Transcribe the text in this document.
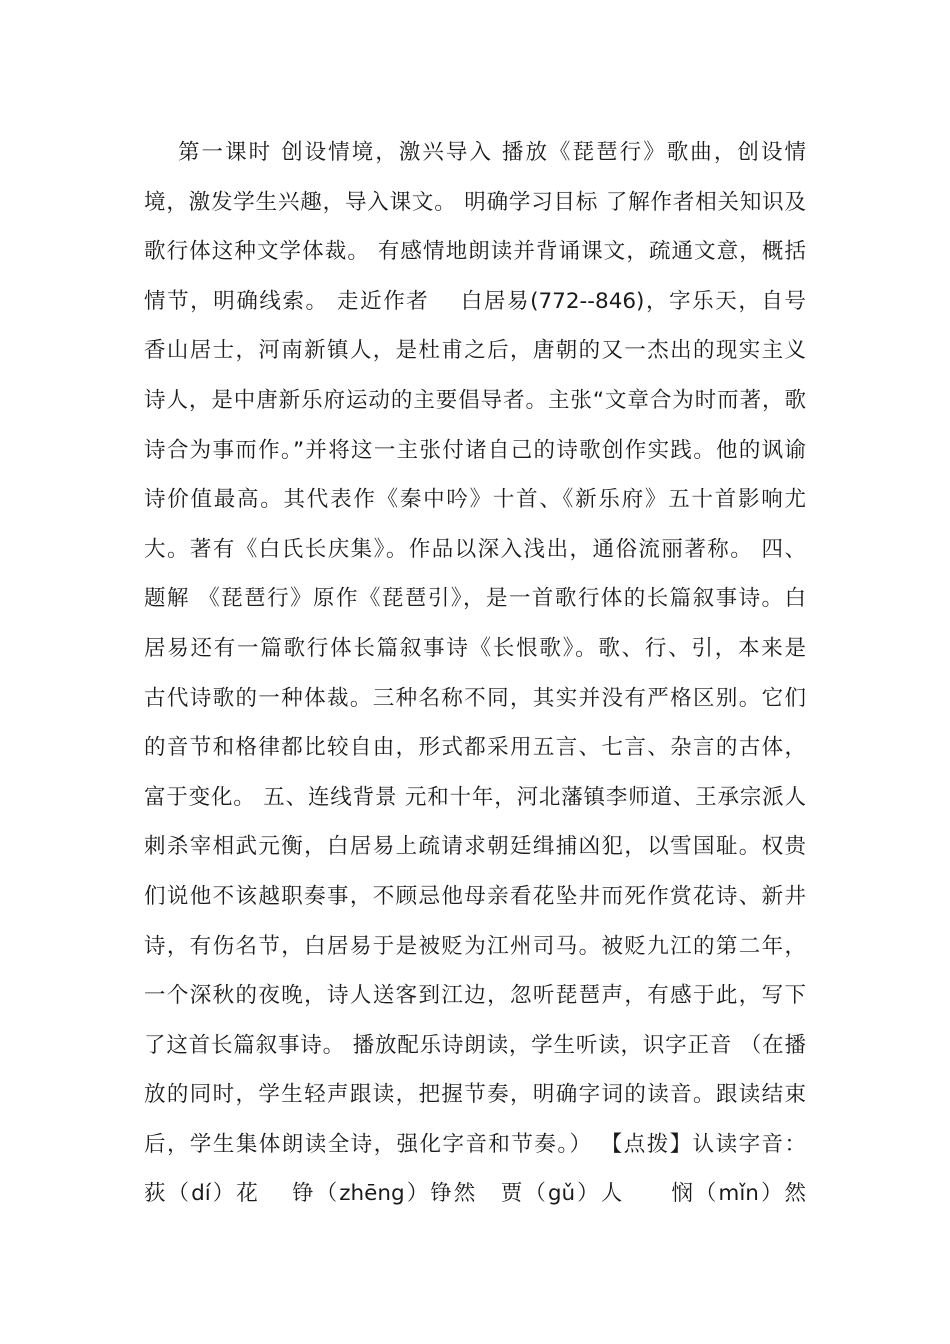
第一课时 创设情境，激兴导入 播放《琵琶行》歌曲，创设情
境，激发学生兴趣，导入课文。 明确学习目标 了解作者相关知识及
歌行体这种文学体裁。 有感情地朗读并背诵课文，疏通文意，概括
情节，明确线索。 走近作者　 白居易(772--846)，字乐天，自号
香山居士，河南新镇人，是杜甫之后，唐朝的又一杰出的现实主义
诗人，是中唐新乐府运动的主要倡导者。主张“文章合为时而著，歌
诗合为事而作。”并将这一主张付诸自己的诗歌创作实践。他的讽谕
诗价值最高。其代表作《秦中吟》十首、《新乐府》五十首影响尤
大。著有《白氏长庆集》。作品以深入浅出，通俗流丽著称。 四、
题解 《琵琶行》原作《琵琶引》，是一首歌行体的长篇叙事诗。白
居易还有一篇歌行体长篇叙事诗《长恨歌》。歌、行、引，本来是
古代诗歌的一种体裁。三种名称不同，其实并没有严格区别。它们
的音节和格律都比较自由，形式都采用五言、七言、杂言的古体，
富于变化。 五、连线背景 元和十年，河北藩镇李师道、王承宗派人
刺杀宰相武元衡，白居易上疏请求朝廷缉捕凶犯，以雪国耻。权贵
们说他不该越职奏事，不顾忌他母亲看花坠井而死作赏花诗、新井
诗，有伤名节，白居易于是被贬为江州司马。被贬九江的第二年，
一个深秋的夜晚，诗人送客到江边，忽听琵琶声，有感于此，写下
了这首长篇叙事诗。 播放配乐诗朗读，学生听读，识字正音 （在播
放的同时，学生轻声跟读，把握节奏，明确字词的读音。跟读结束
后，学生集体朗读全诗，强化字音和节奏。） 【点拨】认读字音：
荻（dí）花　 铮（zhēng）铮然　贾（gǔ）人　　悯（mǐn）然
